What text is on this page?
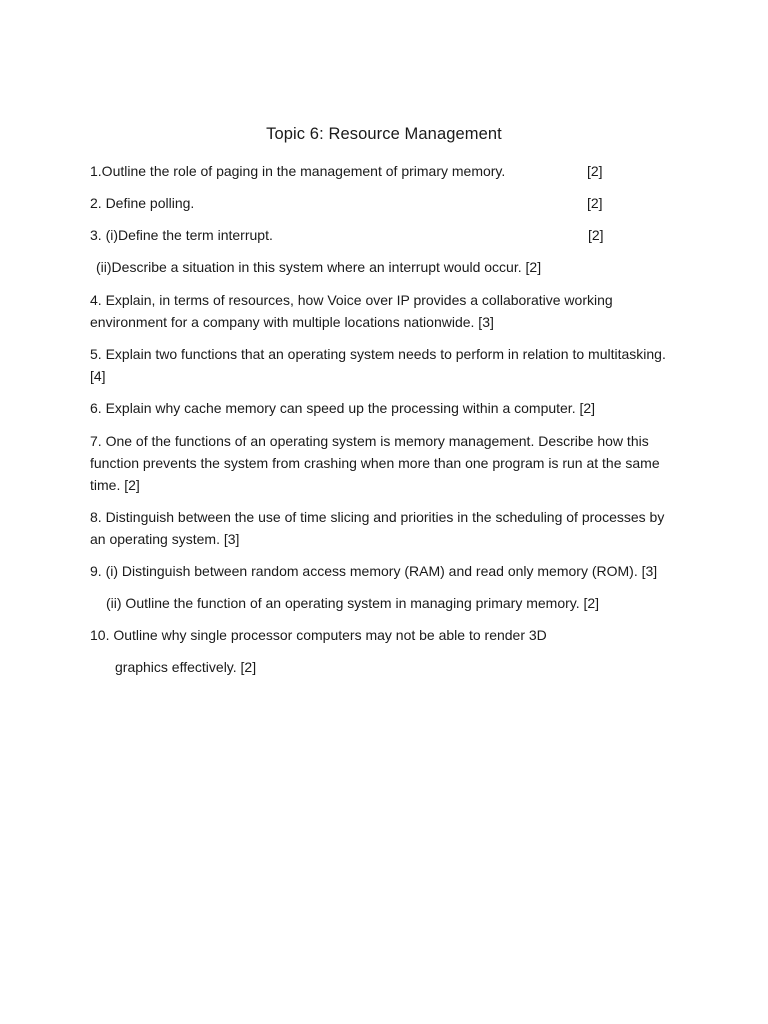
Topic 6: Resource Management
1.Outline the role of paging in the management of primary memory.	[2]
2. Define polling.	[2]
3. (i)Define the term interrupt.	[2]
(ii)Describe a situation in this system where an interrupt would occur. [2]
4. Explain, in terms of resources, how Voice over IP provides a collaborative working environment for a company with multiple locations nationwide. [3]
5. Explain two functions that an operating system needs to perform in relation to multitasking. [4]
6. Explain why cache memory can speed up the processing within a computer. [2]
7. One of the functions of an operating system is memory management. Describe how this function prevents the system from crashing when more than one program is run at the same time. [2]
8. Distinguish between the use of time slicing and priorities in the scheduling of processes by an operating system. [3]
9. (i) Distinguish between random access memory (RAM) and read only memory (ROM). [3]
(ii) Outline the function of an operating system in managing primary memory. [2]
10. Outline why single processor computers may not be able to render 3D
graphics effectively. [2]
